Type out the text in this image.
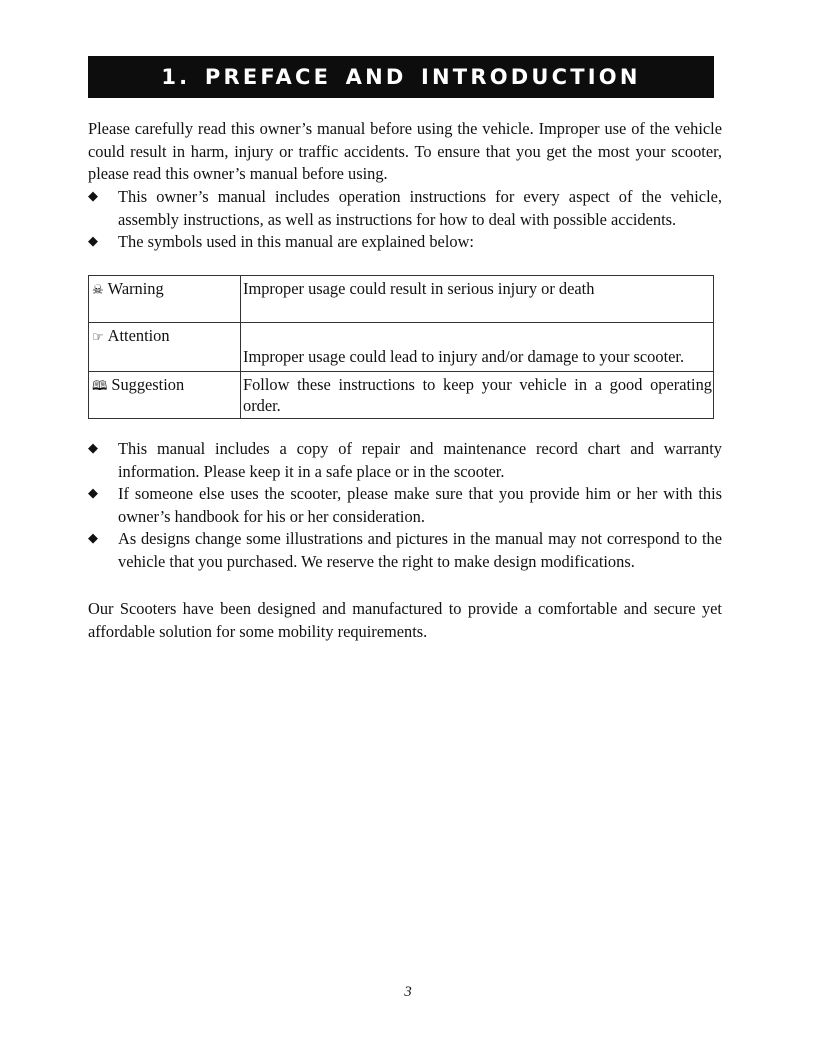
1. PREFACE AND INTRODUCTION

Please carefully read this owner’s manual before using the vehicle. Improper use of the vehicle could result in harm, injury or traffic accidents. To ensure that you get the most your scooter, please read this owner’s manual before using.

◆ This owner’s manual includes operation instructions for every aspect of the vehicle, assembly instructions, as well as instructions for how to deal with possible accidents.
◆ The symbols used in this manual are explained below:
☠ Warning	Improper usage could result in serious injury or death
☞ Attention	Improper usage could lead to injury and/or damage to your scooter.
🕮 Suggestion	Follow these instructions to keep your vehicle in a good operating order.
◆ This manual includes a copy of repair and maintenance record chart and warranty information. Please keep it in a safe place or in the scooter.
◆ If someone else uses the scooter, please make sure that you provide him or her with this owner’s handbook for his or her consideration.
◆ As designs change some illustrations and pictures in the manual may not correspond to the vehicle that you purchased. We reserve the right to make design modifications.

Our Scooters have been designed and manufactured to provide a comfortable and secure yet affordable solution for some mobility requirements.

3
